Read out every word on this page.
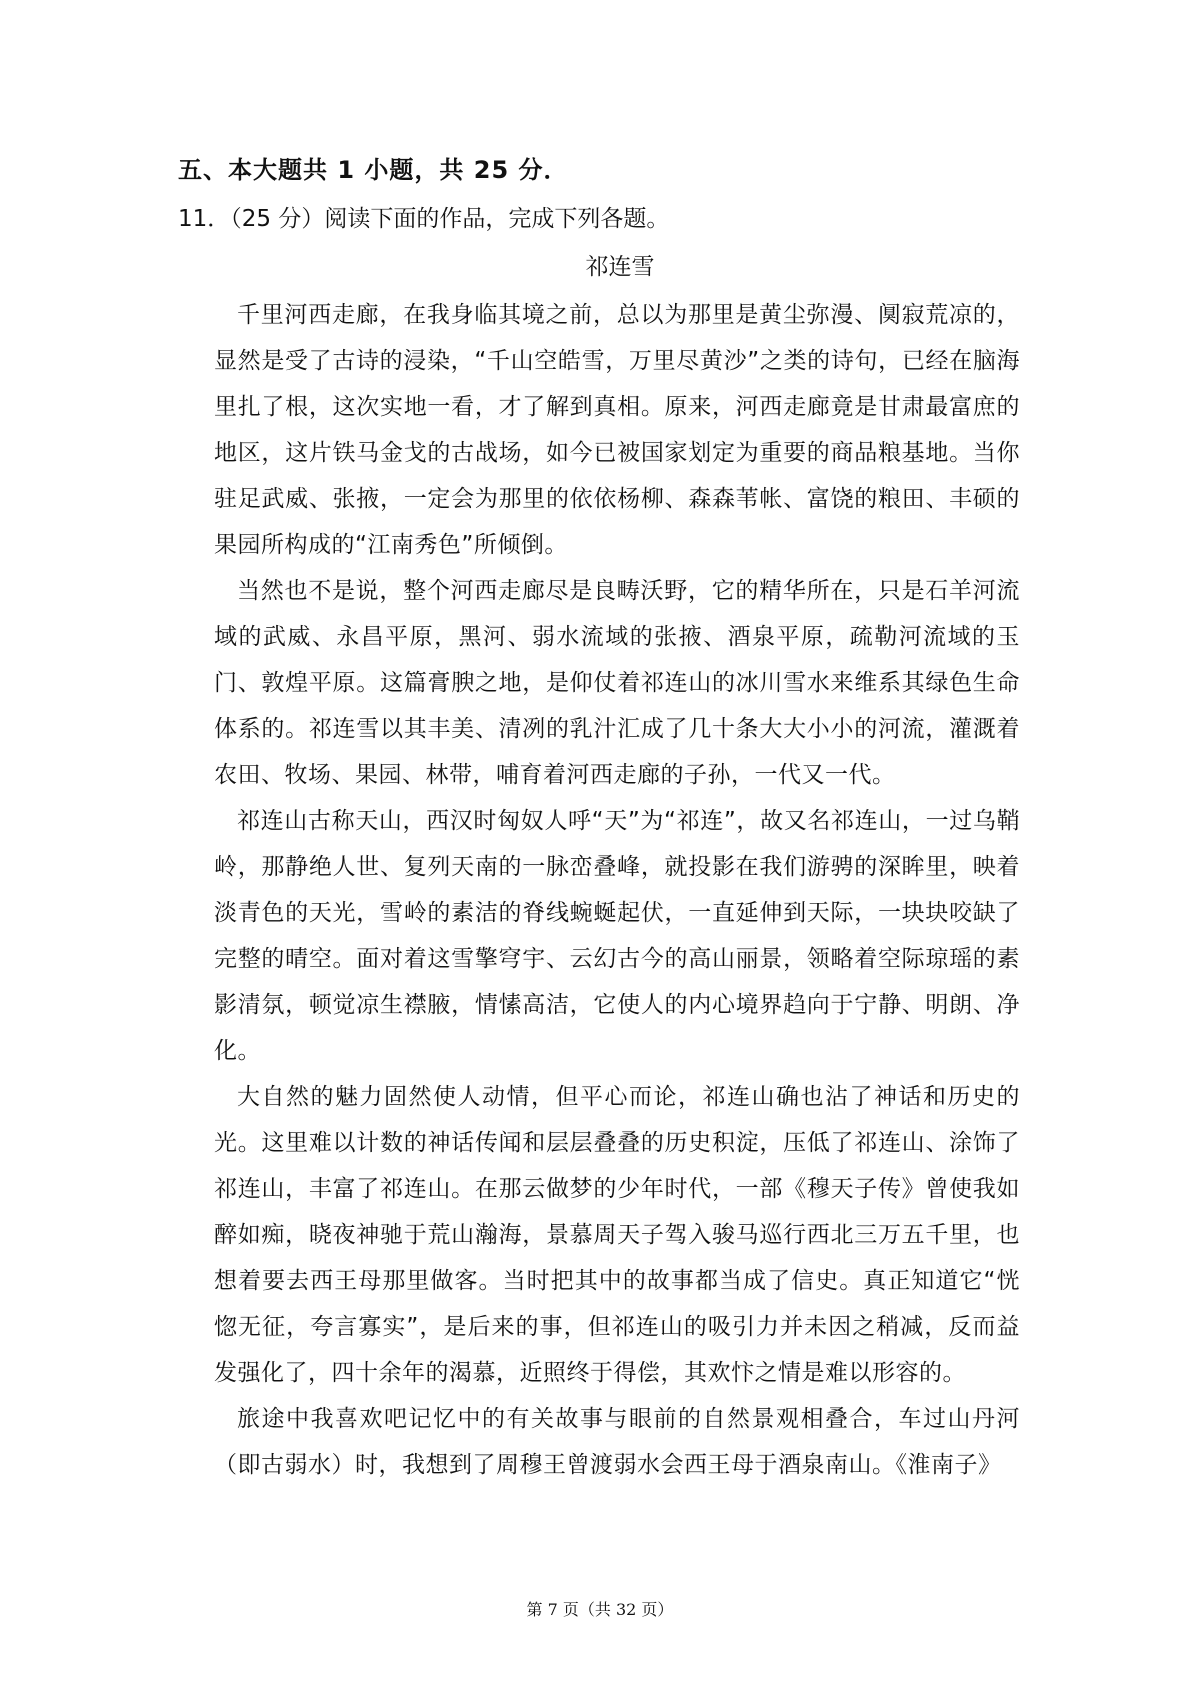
五、本大题共 1 小题，共 25 分．
11．（25 分）阅读下面的作品，完成下列各题。
祁连雪

千里河西走廊，在我身临其境之前，总以为那里是黄尘弥漫、阒寂荒凉的，显然是受了古诗的浸染，“千山空皓雪，万里尽黄沙”之类的诗句，已经在脑海里扎了根，这次实地一看，才了解到真相。原来，河西走廊竟是甘肃最富庶的地区，这片铁马金戈的古战场，如今已被国家划定为重要的商品粮基地。当你驻足武威、张掖，一定会为那里的依依杨柳、森森苇帐、富饶的粮田、丰硕的果园所构成的“江南秀色”所倾倒。

当然也不是说，整个河西走廊尽是良畴沃野，它的精华所在，只是石羊河流域的武威、永昌平原，黑河、弱水流域的张掖、酒泉平原，疏勒河流域的玉门、敦煌平原。这篇膏腴之地，是仰仗着祁连山的冰川雪水来维系其绿色生命体系的。祁连雪以其丰美、清冽的乳汁汇成了几十条大大小小的河流，灌溉着农田、牧场、果园、林带，哺育着河西走廊的子孙，一代又一代。

祁连山古称天山，西汉时匈奴人呼“天”为“祁连”，故又名祁连山，一过乌鞘岭，那静绝人世、复列天南的一脉峦叠峰，就投影在我们游骋的深眸里，映着淡青色的天光，雪岭的素洁的脊线蜿蜒起伏，一直延伸到天际，一块块咬缺了完整的晴空。面对着这雪擎穹宇、云幻古今的高山丽景，领略着空际琼瑶的素影清氛，顿觉凉生襟腋，情愫高洁，它使人的内心境界趋向于宁静、明朗、净化。

大自然的魅力固然使人动情，但平心而论，祁连山确也沾了神话和历史的光。这里难以计数的神话传闻和层层叠叠的历史积淀，压低了祁连山、涂饰了祁连山，丰富了祁连山。在那云做梦的少年时代，一部《穆天子传》曾使我如醉如痴，晓夜神驰于荒山瀚海，景慕周天子驾入骏马巡行西北三万五千里，也想着要去西王母那里做客。当时把其中的故事都当成了信史。真正知道它“恍惚无征，夸言寡实”，是后来的事，但祁连山的吸引力并未因之稍减，反而益发强化了，四十余年的渴慕，近照终于得偿，其欢忭之情是难以形容的。

旅途中我喜欢吧记忆中的有关故事与眼前的自然景观相叠合，车过山丹河（即古弱水）时，我想到了周穆王曾渡弱水会西王母于酒泉南山。《淮南子》

第 7 页（共 32 页）
